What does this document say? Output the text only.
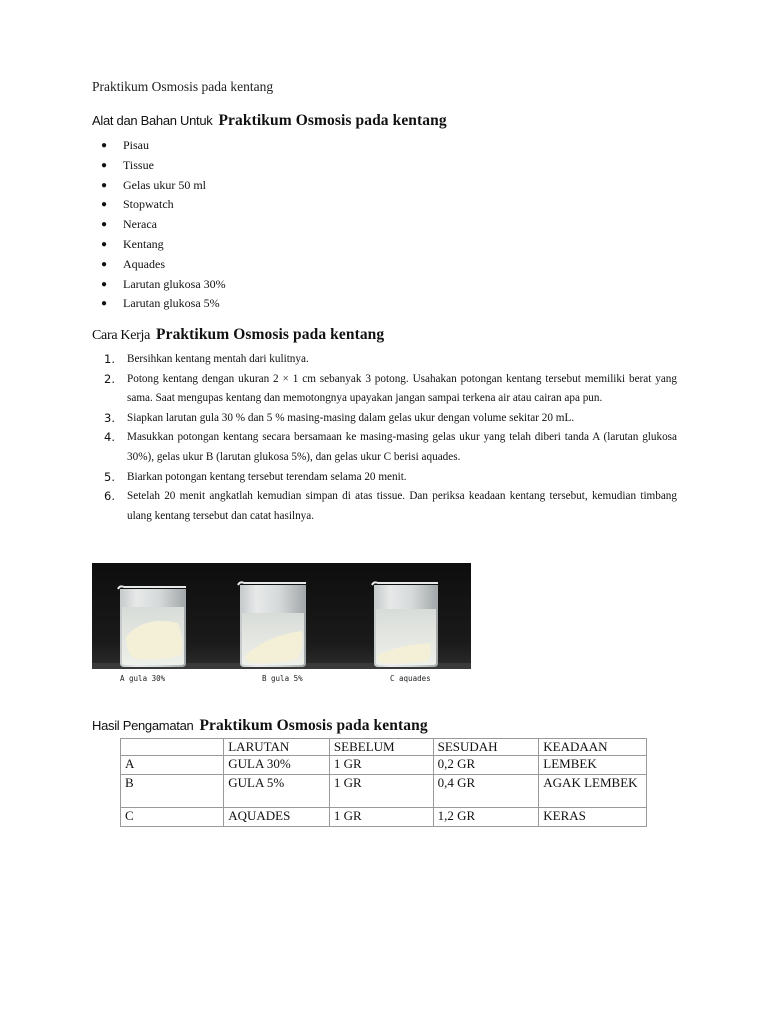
Praktikum Osmosis pada kentang

Alat dan Bahan Untuk Praktikum Osmosis pada kentang
● Pisau
● Tissue
● Gelas ukur 50 ml
● Stopwatch
● Neraca
● Kentang
● Aquades
● Larutan glukosa 30%
● Larutan glukosa 5%
Cara Kerja Praktikum Osmosis pada kentang
1. Bersihkan kentang mentah dari kulitnya.
2. Potong kentang dengan ukuran 2 × 1 cm sebanyak 3 potong. Usahakan potongan kentang tersebut memiliki berat yang sama. Saat mengupas kentang dan memotongnya upayakan jangan sampai terkena air atau cairan apa pun.
3. Siapkan larutan gula 30 % dan 5 % masing-masing dalam gelas ukur dengan volume sekitar 20 mL.
4. Masukkan potongan kentang secara bersamaan ke masing-masing gelas ukur yang telah diberi tanda A (larutan glukosa 30%), gelas ukur B (larutan glukosa 5%), dan gelas ukur C berisi aquades.
5. Biarkan potongan kentang tersebut terendam selama 20 menit.
6. Setelah 20 menit angkatlah kemudian simpan di atas tissue. Dan periksa keadaan kentang tersebut, kemudian timbang ulang kentang tersebut dan catat hasilnya.
A gula 30%	B gula 5%	C aquades
Hasil Pengamatan Praktikum Osmosis pada kentang
	LARUTAN	SEBELUM	SESUDAH	KEADAAN
A	GULA 30%	1 GR	0,2 GR	LEMBEK
B	GULA 5%	1 GR	0,4 GR	AGAK LEMBEK
C	AQUADES	1 GR	1,2 GR	KERAS
